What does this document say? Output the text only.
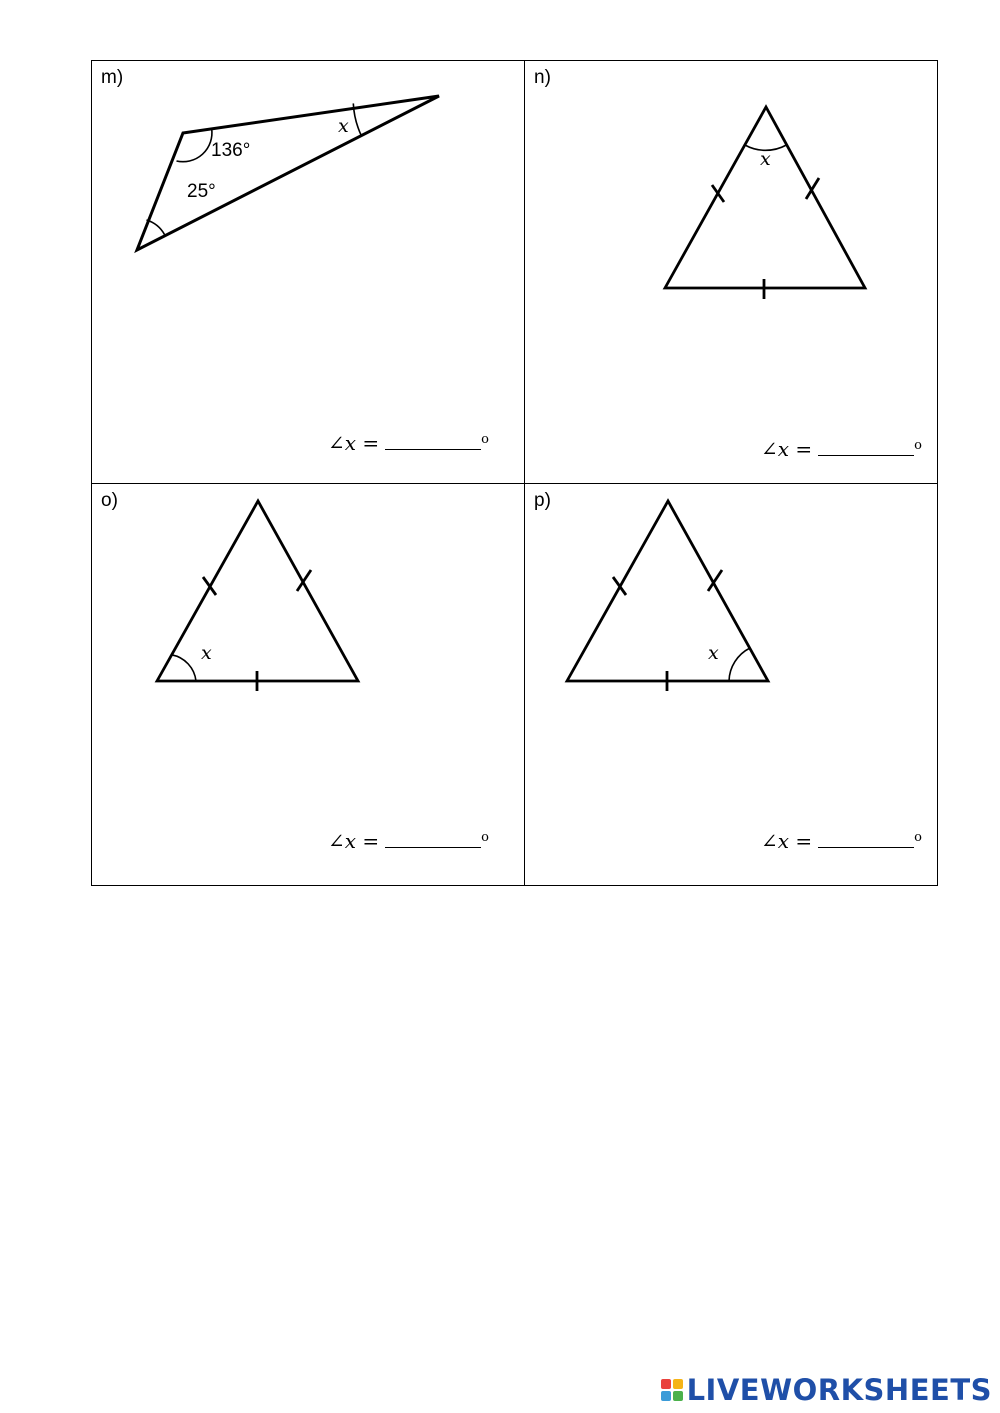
m)
136°
25°
𝑥
∠𝑥 =	$^o$
n)
𝑥
∠𝑥 =	$^o$
o)
𝑥
∠𝑥 =	$^o$
p)
𝑥
∠𝑥 =	$^o$
LIVEWORKSHEETS
